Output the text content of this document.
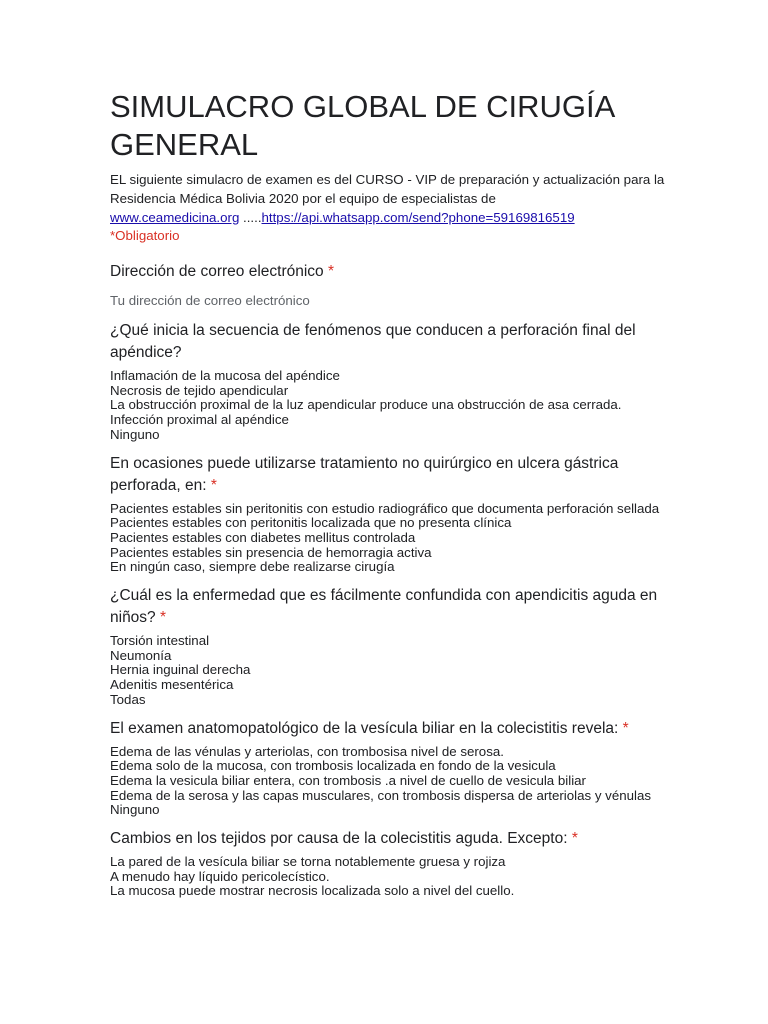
SIMULACRO GLOBAL DE CIRUGÍA GENERAL
EL siguiente simulacro de examen es del CURSO - VIP de preparación y actualización para la Residencia Médica Bolivia 2020 por el equipo de especialistas de
www.ceamedicina.org .....https://api.whatsapp.com/send?phone=59169816519
*Obligatorio
Dirección de correo electrónico *
Tu dirección de correo electrónico
¿Qué inicia la secuencia de fenómenos que conducen a perforación final del apéndice?
Inflamación de la mucosa del apéndice
Necrosis de tejido apendicular
La obstrucción proximal de la luz apendicular produce una obstrucción de asa cerrada.
Infección proximal al apéndice
Ninguno
En ocasiones puede utilizarse tratamiento no quirúrgico en ulcera gástrica perforada, en: *
Pacientes estables sin peritonitis con estudio radiográfico que documenta perforación sellada
Pacientes estables con peritonitis localizada que no presenta clínica
Pacientes estables con diabetes mellitus controlada
Pacientes estables sin presencia de hemorragia activa
En ningún caso, siempre debe realizarse cirugía
¿Cuál es la enfermedad que es fácilmente confundida con apendicitis aguda en niños? *
Torsión intestinal
Neumonía
Hernia inguinal derecha
Adenitis mesentérica
Todas
El examen anatomopatológico de la vesícula biliar en la colecistitis revela: *
Edema de las vénulas y arteriolas, con trombosisa nivel de serosa.
Edema solo de la mucosa, con trombosis localizada en fondo de la vesicula
Edema la vesicula biliar entera, con trombosis .a nivel de cuello de vesicula biliar
Edema de la serosa y las capas musculares, con trombosis dispersa de arteriolas y vénulas
Ninguno
Cambios en los tejidos por causa de la colecistitis aguda. Excepto: *
La pared de la vesícula biliar se torna notablemente gruesa y rojiza
A menudo hay líquido pericolecístico.
La mucosa puede mostrar necrosis localizada solo a nivel del cuello.
